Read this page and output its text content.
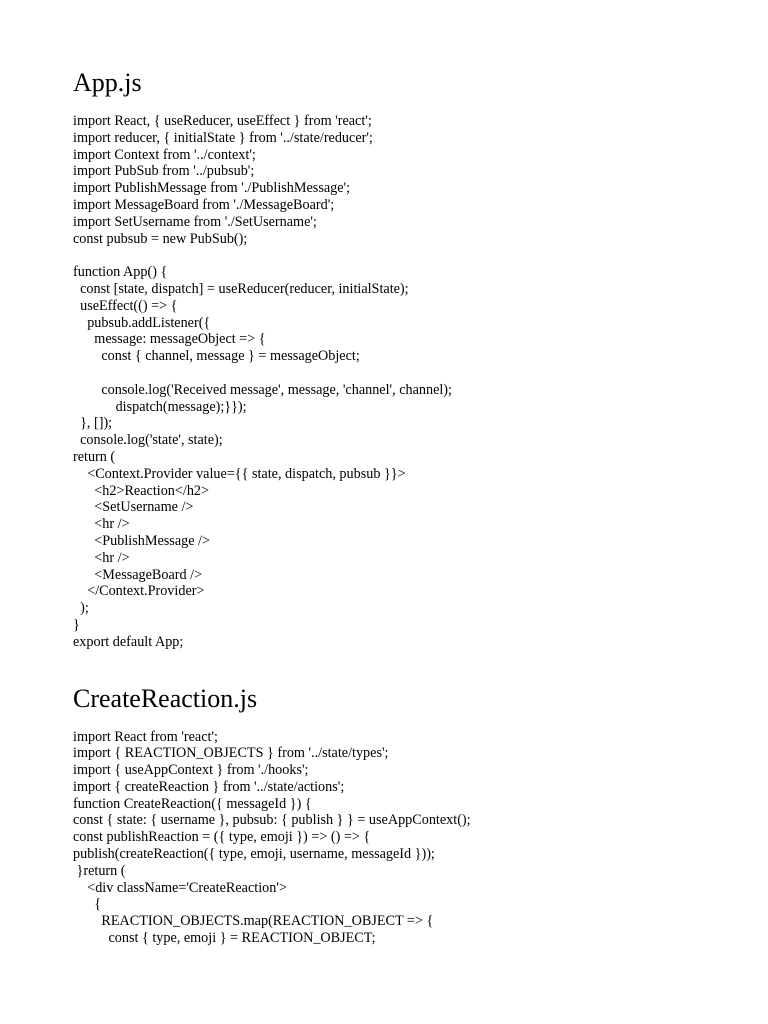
App.js
import React, { useReducer, useEffect } from 'react';
import reducer, { initialState } from '../state/reducer';
import Context from '../context';
import PubSub from '../pubsub';
import PublishMessage from './PublishMessage';
import MessageBoard from './MessageBoard';
import SetUsername from './SetUsername';
const pubsub = new PubSub();
function App() {
const [state, dispatch] = useReducer(reducer, initialState);
useEffect(() => {
pubsub.addListener({
message: messageObject => {
const { channel, message } = messageObject;
console.log('Received message', message, 'channel', channel);
dispatch(message);}});
}, []);
console.log('state', state);
return (
<Context.Provider value={{ state, dispatch, pubsub }}>
<h2>Reaction</h2>
<SetUsername />
<hr />
<PublishMessage />
<hr />
<MessageBoard />
</Context.Provider>
);
}
export default App;
CreateReaction.js
import React from 'react';
import { REACTION_OBJECTS } from '../state/types';
import { useAppContext } from './hooks';
import { createReaction } from '../state/actions';
function CreateReaction({ messageId }) {
const { state: { username }, pubsub: { publish } } = useAppContext();
const publishReaction = ({ type, emoji }) => () => {
publish(createReaction({ type, emoji, username, messageId }));
}return (
<div className='CreateReaction'>
{
REACTION_OBJECTS.map(REACTION_OBJECT => {
const { type, emoji } = REACTION_OBJECT;
